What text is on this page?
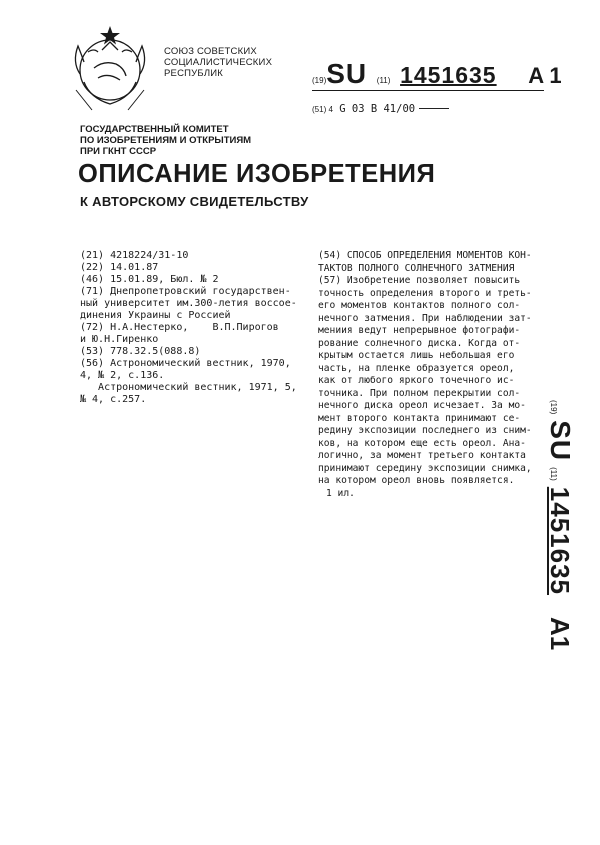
СОЮЗ СОВЕТСКИХ
СОЦИАЛИСТИЧЕСКИХ
РЕСПУБЛИК
(19)SU (11) 1451635 A 1
(51) 4 G 03 B 41/00
ГОСУДАРСТВЕННЫЙ КОМИТЕТ
ПО ИЗОБРЕТЕНИЯМ И ОТКРЫТИЯМ
ПРИ ГКНТ СССР
ОПИСАНИЕ ИЗОБРЕТЕНИЯ
К АВТОРСКОМУ СВИДЕТЕЛЬСТВУ
(21) 4218224/31-10
(22) 14.01.87
(46) 15.01.89, Бюл. № 2
(71) Днепропетровский государствен-
ный университет им.300-летия воссое-
динения Украины с Россией
(72) Н.А.Нестерко,    В.П.Пирогов
и Ю.Н.Гиренко
(53) 778.32.5(088.8)
(56) Астрономический вестник, 1970,
4, № 2, с.136.
Астрономический вестник, 1971, 5,
№ 4, с.257.
(54) СПОСОБ ОПРЕДЕЛЕНИЯ МОМЕНТОВ КОН-
ТАКТОВ ПОЛНОГО СОЛНЕЧНОГО ЗАТМЕНИЯ
(57) Изобретение позволяет повысить
точность определения второго и треть-
его моментов контактов полного сол-
нечного затмения. При наблюдении зат-
мениия ведут непрерывное фотографи-
рование солнечного диска. Когда от-
крытым остается лишь небольшая его
часть, на пленке образуется ореол,
как от любого яркого точечного ис-
точника. При полном перекрытии сол-
нечного диска ореол исчезает. За мо-
мент второго контакта принимают се-
редину экспозиции последнего из сним-
ков, на котором еще есть ореол. Ана-
логично, за момент третьего контакта
принимают середину экспозиции снимка,
на котором ореол вновь появляется.
1 ил.
(19)
SU
(11)
1451635
A1
